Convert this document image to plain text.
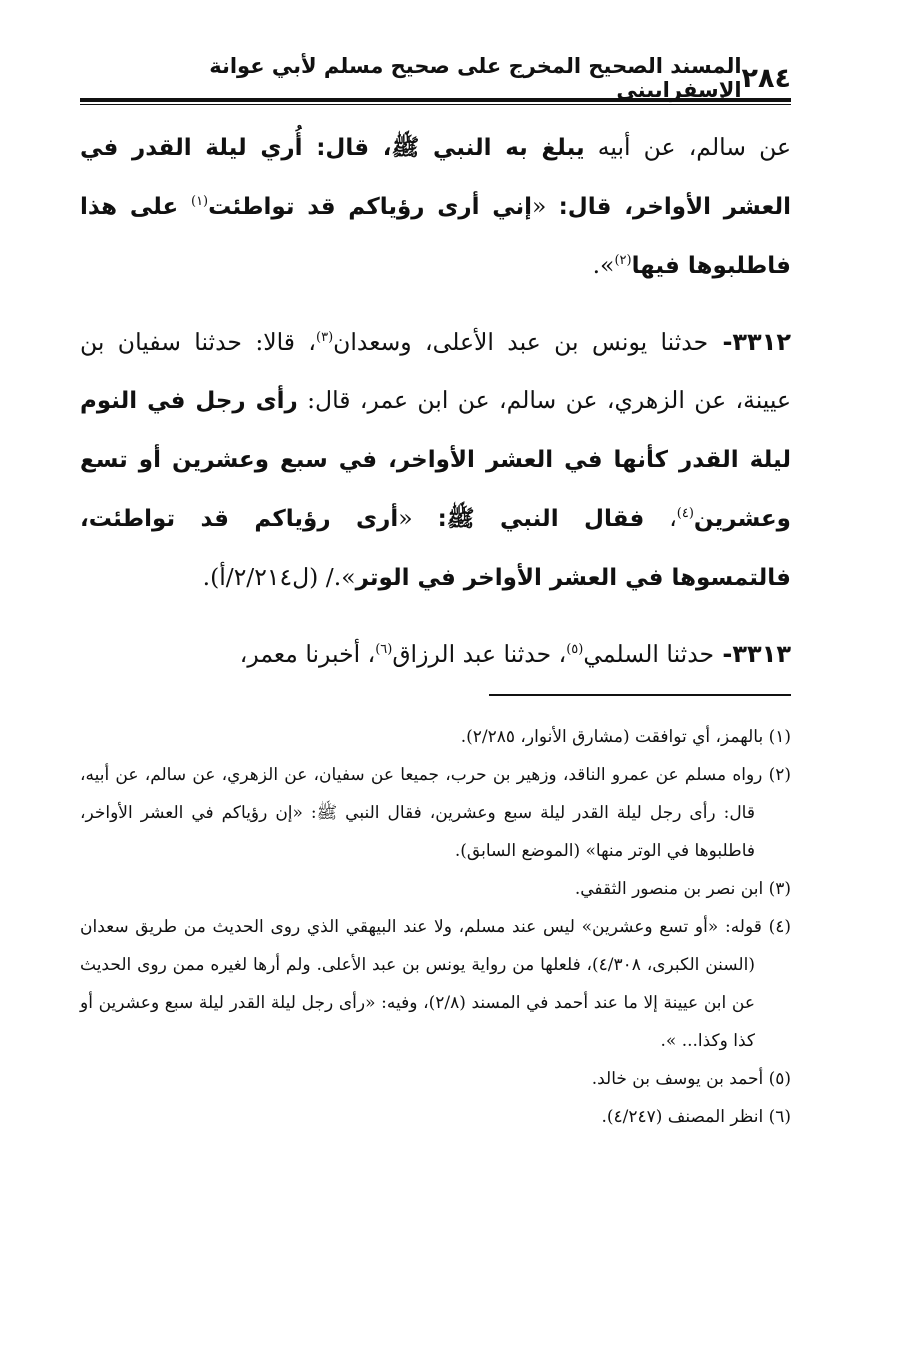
٢٨٤
المسند الصحيح المخرج على صحيح مسلم لأبي عوانة الإسفراييني

عن سالم، عن أبيه يبلغ به النبي ﷺ، قال: أُري ليلة القدر في العشر الأواخر، قال: «إني أرى رؤياكم قد تواطئت$^{(١)}$ على هذا فاطلبوها فيها$^{(٢)}$».

٣٣١٢- حدثنا يونس بن عبد الأعلى، وسعدان$^{(٣)}$، قالا: حدثنا سفيان بن عيينة، عن الزهري، عن سالم، عن ابن عمر، قال: رأى رجل في النوم ليلة القدر كأنها في العشر الأواخر، في سبع وعشرين أو تسع وعشرين$^{(٤)}$، فقال النبي ﷺ: «أرى رؤياكم قد تواطئت، فالتمسوها في العشر الأواخر في الوتر»./ (ل٢/٢١٤/أ).

٣٣١٣- حدثنا السلمي$^{(٥)}$، حدثنا عبد الرزاق$^{(٦)}$، أخبرنا معمر،

(١) بالهمز، أي توافقت (مشارق الأنوار، ٢/٢٨٥).
(٢) رواه مسلم عن عمرو الناقد، وزهير بن حرب، جميعا عن سفيان، عن الزهري، عن سالم، عن أبيه، قال: رأى رجل ليلة القدر ليلة سبع وعشرين، فقال النبي ﷺ: «إن رؤياكم في العشر الأواخر، فاطلبوها في الوتر منها» (الموضع السابق).
(٣) ابن نصر بن منصور الثقفي.
(٤) قوله: «أو تسع وعشرين» ليس عند مسلم، ولا عند البيهقي الذي روى الحديث من طريق سعدان (السنن الكبرى، ٤/٣٠٨)، فلعلها من رواية يونس بن عبد الأعلى. ولم أرها لغيره ممن روى الحديث عن ابن عيينة إلا ما عند أحمد في المسند (٢/٨)، وفيه: «رأى رجل ليلة القدر ليلة سبع وعشرين أو كذا وكذا... ».
(٥) أحمد بن يوسف بن خالد.
(٦) انظر المصنف (٤/٢٤٧).
